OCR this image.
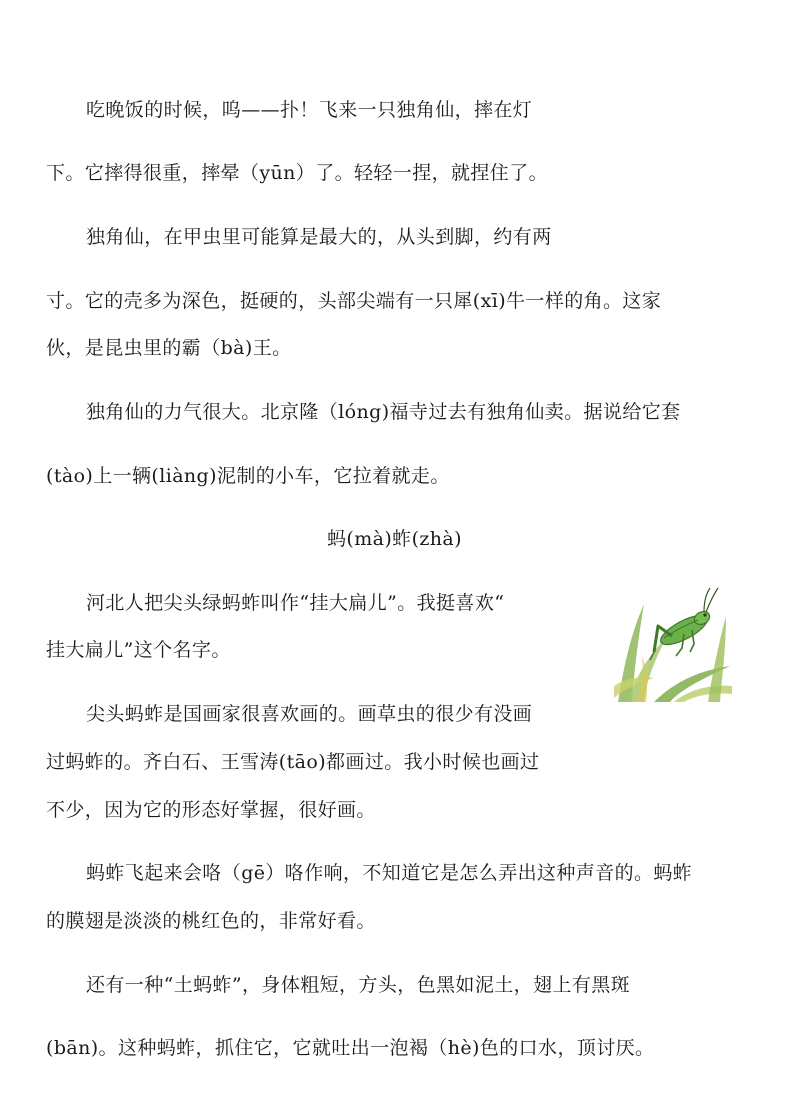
吃晚饭的时候，呜——扑！飞来一只独角仙，摔在灯
下。它摔得很重，摔晕（yūn）了。轻轻一捏，就捏住了。
独角仙，在甲虫里可能算是最大的，从头到脚，约有两
寸。它的壳多为深色，挺硬的，头部尖端有一只犀(xī)牛一样的角。这家
伙，是昆虫里的霸（bà)王。
独角仙的力气很大。北京隆（lóng)福寺过去有独角仙卖。据说给它套
(tào)上一辆(liàng)泥制的小车，它拉着就走。
蚂(mà)蚱(zhà)
河北人把尖头绿蚂蚱叫作“挂大扁儿”。我挺喜欢“
挂大扁儿”这个名字。
尖头蚂蚱是国画家很喜欢画的。画草虫的很少有没画
过蚂蚱的。齐白石、王雪涛(tāo)都画过。我小时候也画过
不少，因为它的形态好掌握，很好画。
蚂蚱飞起来会咯（gē）咯作响，不知道它是怎么弄出这种声音的。蚂蚱
的膜翅是淡淡的桃红色的，非常好看。
还有一种“土蚂蚱”，身体粗短，方头，色黑如泥土，翅上有黑斑
(bān)。这种蚂蚱，抓住它，它就吐出一泡褐（hè)色的口水，顶讨厌。
